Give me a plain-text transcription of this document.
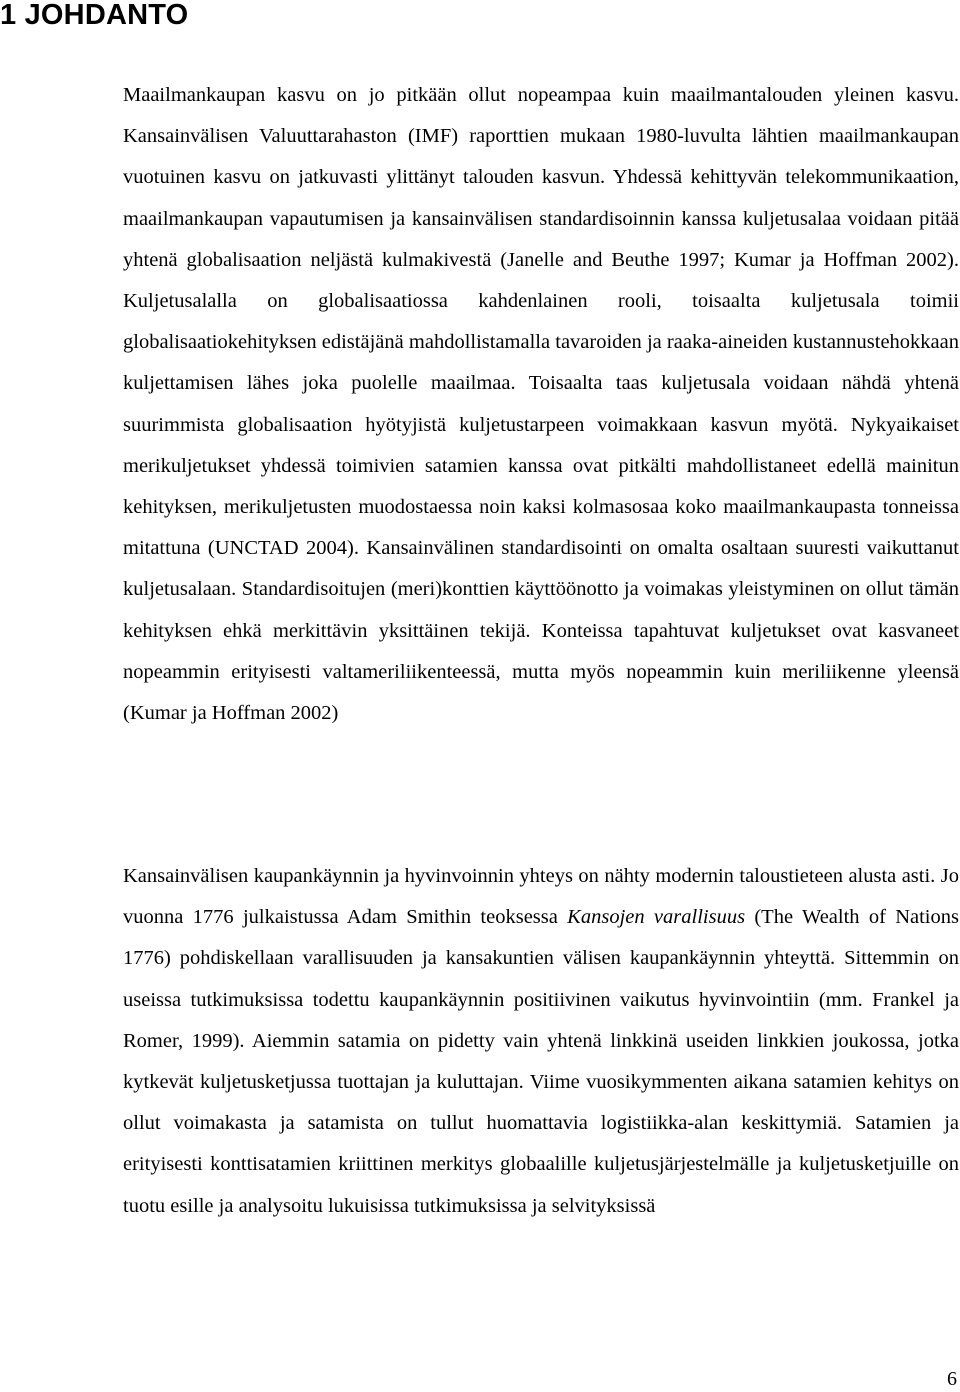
1 JOHDANTO

Maailmankaupan kasvu on jo pitkään ollut nopeampaa kuin maailmantalouden yleinen kasvu. Kansainvälisen Valuuttarahaston (IMF) raporttien mukaan 1980-luvulta lähtien maailmankaupan vuotuinen kasvu on jatkuvasti ylittänyt talouden kasvun. Yhdessä kehittyvän telekommunikaation, maailmankaupan vapautumisen ja kansainvälisen standardisoinnin kanssa kuljetusalaa voidaan pitää yhtenä globalisaation neljästä kulmakivestä (Janelle and Beuthe 1997; Kumar ja Hoffman 2002). Kuljetusalalla on globalisaatiossa kahdenlainen rooli, toisaalta kuljetusala toimii globalisaatiokehityksen edistäjänä mahdollistamalla tavaroiden ja raaka-aineiden kustannustehokkaan kuljettamisen lähes joka puolelle maailmaa. Toisaalta taas kuljetusala voidaan nähdä yhtenä suurimmista globalisaation hyötyjistä kuljetustarpeen voimakkaan kasvun myötä. Nykyaikaiset merikuljetukset yhdessä toimivien satamien kanssa ovat pitkälti mahdollistaneet edellä mainitun kehityksen, merikuljetusten muodostaessa noin kaksi kolmasosaa koko maailmankaupasta tonneissa mitattuna (UNCTAD 2004). Kansainvälinen standardisointi on omalta osaltaan suuresti vaikuttanut kuljetusalaan. Standardisoitujen (meri)konttien käyttöönotto ja voimakas yleistyminen on ollut tämän kehityksen ehkä merkittävin yksittäinen tekijä. Konteissa tapahtuvat kuljetukset ovat kasvaneet nopeammin erityisesti valtameriliikenteessä, mutta myös nopeammin kuin meriliikenne yleensä (Kumar ja Hoffman 2002)

Kansainvälisen kaupankäynnin ja hyvinvoinnin yhteys on nähty modernin taloustieteen alusta asti. Jo vuonna 1776 julkaistussa Adam Smithin teoksessa Kansojen varallisuus (The Wealth of Nations 1776) pohdiskellaan varallisuuden ja kansakuntien välisen kaupankäynnin yhteyttä. Sittemmin on useissa tutkimuksissa todettu kaupankäynnin positiivinen vaikutus hyvinvointiin (mm. Frankel ja Romer, 1999). Aiemmin satamia on pidetty vain yhtenä linkkinä useiden linkkien joukossa, jotka kytkevät kuljetusketjussa tuottajan ja kuluttajan. Viime vuosikymmenten aikana satamien kehitys on ollut voimakasta ja satamista on tullut huomattavia logistiikka-alan keskittymiä. Satamien ja erityisesti konttisatamien kriittinen merkitys globaalille kuljetusjärjestelmälle ja kuljetusketjuille on tuotu esille ja analysoitu lukuisissa tutkimuksissa ja selvityksissä

6
